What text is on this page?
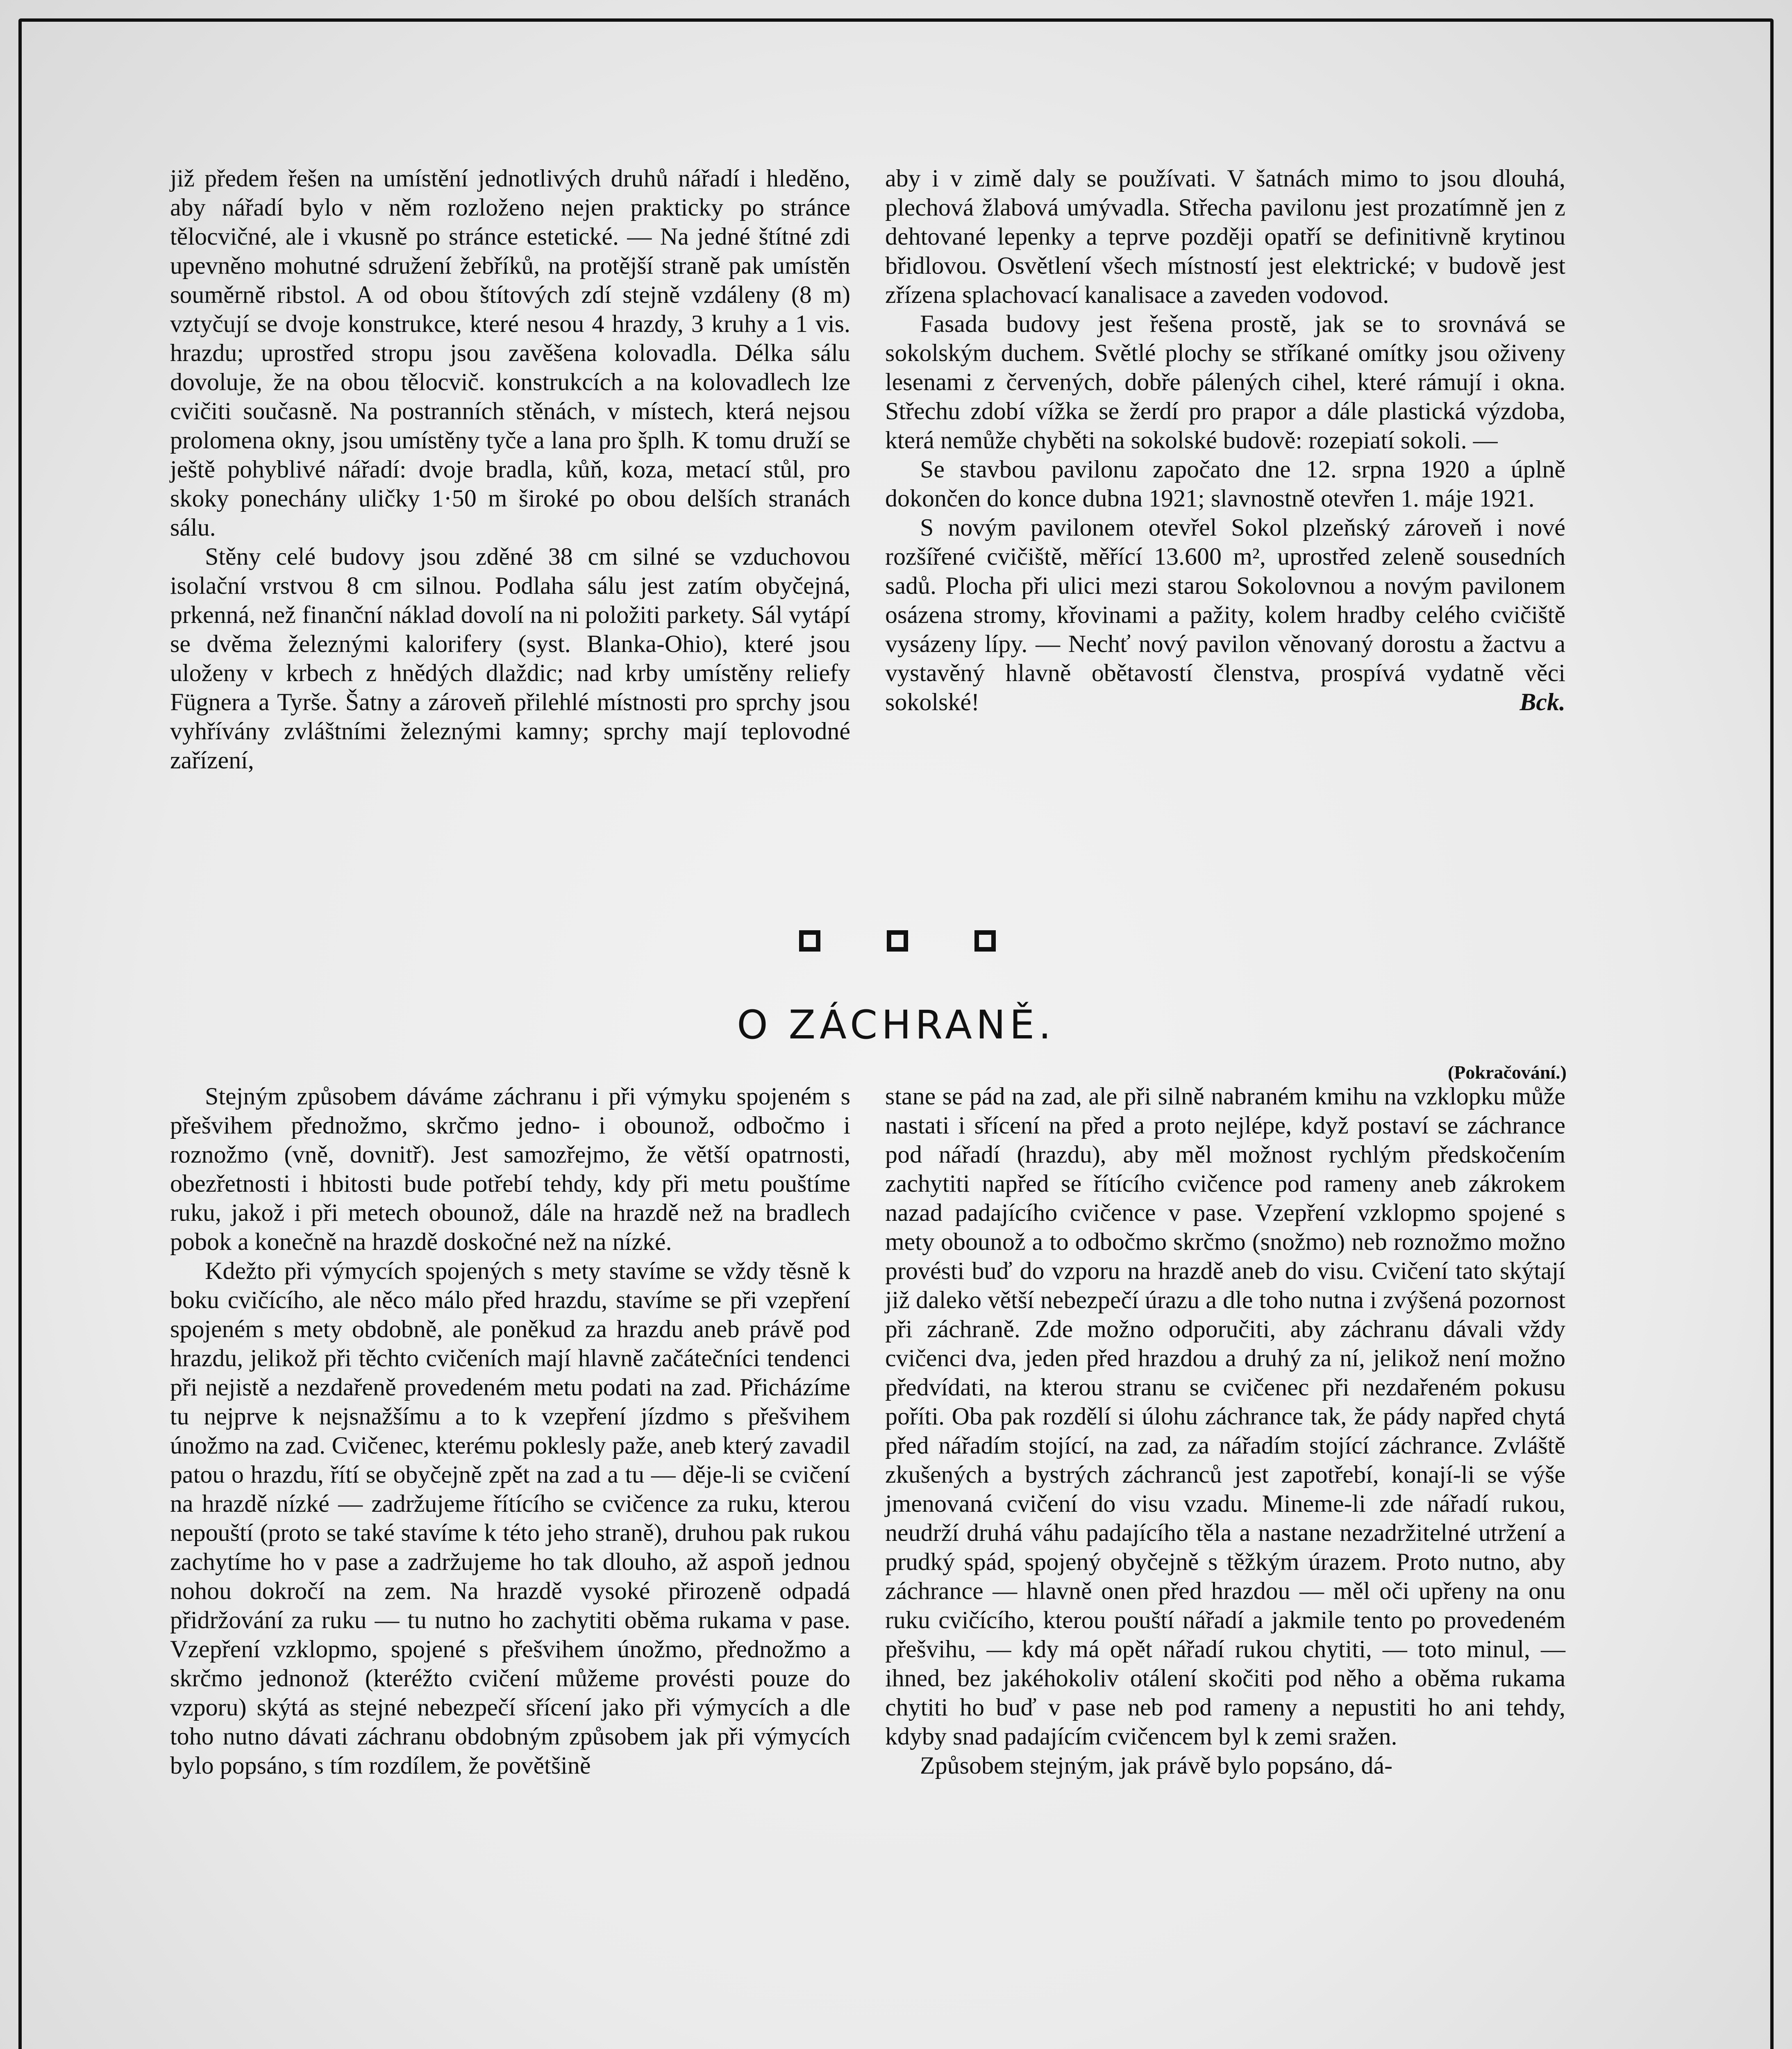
již předem řešen na umístění jednotlivých druhů nářadí i hleděno, aby nářadí bylo v něm rozloženo nejen prakticky po stránce tělocvičné, ale i vkusně po stránce estetické. — Na jedné štítné zdi upevněno mohutné sdružení žebříků, na protější straně pak umístěn souměrně ribstol. A od obou štítových zdí stejně vzdáleny (8 m) vztyčují se dvoje konstrukce, které nesou 4 hrazdy, 3 kruhy a 1 vis. hrazdu; uprostřed stropu jsou zavěšena kolovadla. Délka sálu dovoluje, že na obou tělocvič. konstrukcích a na kolovadlech lze cvičiti současně. Na postranních stěnách, v místech, která nejsou prolomena okny, jsou umístěny tyče a lana pro šplh. K tomu druží se ještě pohyblivé nářadí: dvoje bradla, kůň, koza, metací stůl, pro skoky ponechány uličky 1·50 m široké po obou delších stranách sálu.

Stěny celé budovy jsou zděné 38 cm silné se vzduchovou isolační vrstvou 8 cm silnou. Podlaha sálu jest zatím obyčejná, prkenná, než finanční náklad dovolí na ni položiti parkety. Sál vytápí se dvěma železnými kalorifery (syst. Blanka-Ohio), které jsou uloženy v krbech z hnědých dlaždic; nad krby umístěny reliefy Fügnera a Tyrše. Šatny a zároveň přilehlé místnosti pro sprchy jsou vyhřívány zvláštními železnými kamny; sprchy mají teplovodné zařízení,

aby i v zimě daly se používati. V šatnách mimo to jsou dlouhá, plechová žlabová umývadla. Střecha pavilonu jest prozatímně jen z dehtované lepenky a teprve později opatří se definitivně krytinou břidlovou. Osvětlení všech místností jest elektrické; v budově jest zřízena splachovací kanalisace a zaveden vodovod.

Fasada budovy jest řešena prostě, jak se to srovnává se sokolským duchem. Světlé plochy se stříkané omítky jsou oživeny lesenami z červených, dobře pálených cihel, které rámují i okna. Střechu zdobí vížka se žerdí pro prapor a dále plastická výzdoba, která nemůže chyběti na sokolské budově: rozepiatí sokoli. —

Se stavbou pavilonu započato dne 12. srpna 1920 a úplně dokončen do konce dubna 1921; slavnostně otevřen 1. máje 1921.

S novým pavilonem otevřel Sokol plzeňský zároveň i nové rozšířené cvičiště, měřící 13.600 m², uprostřed zeleně sousedních sadů. Plocha při ulici mezi starou Sokolovnou a novým pavilonem osázena stromy, křovinami a pažity, kolem hradby celého cvičiště vysázeny lípy. — Nechť nový pavilon věnovaný dorostu a žactvu a vystavěný hlavně obětavostí členstva, prospívá vydatně věci sokolské!	Bck.

O ZÁCHRANĚ.
(Pokračování.)

Stejným způsobem dáváme záchranu i při výmyku spojeném s přešvihem přednožmo, skrčmo jedno- i obounož, odbočmo i roznožmo (vně, dovnitř). Jest samozřejmo, že větší opatrnosti, obezřetnosti i hbitosti bude potřebí tehdy, kdy při metu pouštíme ruku, jakož i při metech obounož, dále na hrazdě než na bradlech pobok a konečně na hrazdě doskočné než na nízké.

Kdežto při výmycích spojených s mety stavíme se vždy těsně k boku cvičícího, ale něco málo před hrazdu, stavíme se při vzepření spojeném s mety obdobně, ale poněkud za hrazdu aneb právě pod hrazdu, jelikož při těchto cvičeních mají hlavně začátečníci tendenci při nejistě a nezdařeně provedeném metu podati na zad. Přicházíme tu nejprve k nejsnažšímu a to k vzepření jízdmo s přešvihem únožmo na zad. Cvičenec, kterému poklesly paže, aneb který zavadil patou o hrazdu, řítí se obyčejně zpět na zad a tu — děje-li se cvičení na hrazdě nízké — zadržujeme řítícího se cvičence za ruku, kterou nepouští (proto se také stavíme k této jeho straně), druhou pak rukou zachytíme ho v pase a zadržujeme ho tak dlouho, až aspoň jednou nohou dokročí na zem. Na hrazdě vysoké přirozeně odpadá přidržování za ruku — tu nutno ho zachytiti oběma rukama v pase. Vzepření vzklopmo, spojené s přešvihem únožmo, přednožmo a skrčmo jednonož (kteréžto cvičení můžeme provésti pouze do vzporu) skýtá as stejné nebezpečí sřícení jako při výmycích a dle toho nutno dávati záchranu obdobným způsobem jak při výmycích bylo popsáno, s tím rozdílem, že povětšině

stane se pád na zad, ale při silně nabraném kmihu na vzklopku může nastati i sřícení na před a proto nejlépe, když postaví se záchrance pod nářadí (hrazdu), aby měl možnost rychlým předskočením zachytiti napřed se řítícího cvičence pod rameny aneb zákrokem nazad padajícího cvičence v pase. Vzepření vzklopmo spojené s mety obounož a to odbočmo skrčmo (snožmo) neb roznožmo možno provésti buď do vzporu na hrazdě aneb do visu. Cvičení tato skýtají již daleko větší nebezpečí úrazu a dle toho nutna i zvýšená pozornost při záchraně. Zde možno odporučiti, aby záchranu dávali vždy cvičenci dva, jeden před hrazdou a druhý za ní, jelikož není možno předvídati, na kterou stranu se cvičenec při nezdařeném pokusu poříti. Oba pak rozdělí si úlohu záchrance tak, že pády napřed chytá před nářadím stojící, na zad, za nářadím stojící záchrance. Zvláště zkušených a bystrých záchranců jest zapotřebí, konají-li se výše jmenovaná cvičení do visu vzadu. Mineme-li zde nářadí rukou, neudrží druhá váhu padajícího těla a nastane nezadržitelné utržení a prudký spád, spojený obyčejně s těžkým úrazem. Proto nutno, aby záchrance — hlavně onen před hrazdou — měl oči upřeny na onu ruku cvičícího, kterou pouští nářadí a jakmile tento po provedeném přešvihu, — kdy má opět nářadí rukou chytiti, — toto minul, — ihned, bez jakéhokoliv otálení skočiti pod něho a oběma rukama chytiti ho buď v pase neb pod rameny a nepustiti ho ani tehdy, kdyby snad padajícím cvičencem byl k zemi sražen.

Způsobem stejným, jak právě bylo popsáno, dá-
